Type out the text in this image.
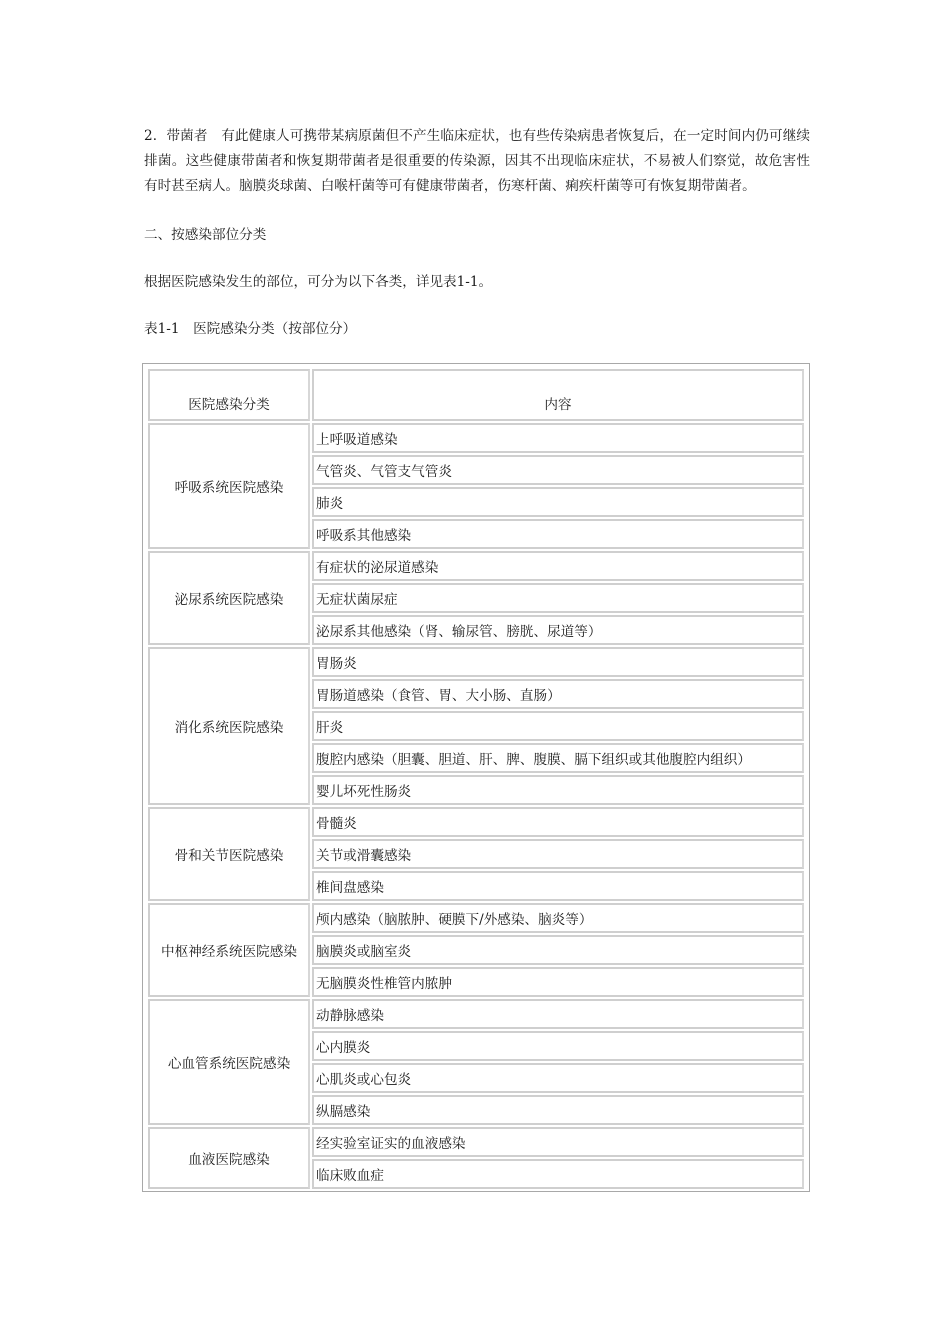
2．带菌者　有此健康人可携带某病原菌但不产生临床症状，也有些传染病患者恢复后，在一定时间内仍可继续排菌。这些健康带菌者和恢复期带菌者是很重要的传染源，因其不出现临床症状，不易被人们察觉，故危害性有时甚至病人。脑膜炎球菌、白喉杆菌等可有健康带菌者，伤寒杆菌、痢疾杆菌等可有恢复期带菌者。

二、按感染部位分类

根据医院感染发生的部位，可分为以下各类，详见表1-1。

表1-1　医院感染分类（按部位分）

医院感染分类	内容
呼吸系统医院感染	上呼吸道感染
	气管炎、气管支气管炎
	肺炎
	呼吸系其他感染
泌尿系统医院感染	有症状的泌尿道感染
	无症状菌尿症
	泌尿系其他感染（肾、输尿管、膀胱、尿道等）
消化系统医院感染	胃肠炎
	胃肠道感染（食管、胃、大小肠、直肠）
	肝炎
	腹腔内感染（胆囊、胆道、肝、脾、腹膜、膈下组织或其他腹腔内组织）
	婴儿坏死性肠炎
骨和关节医院感染	骨髓炎
	关节或滑囊感染
	椎间盘感染
中枢神经系统医院感染	颅内感染（脑脓肿、硬膜下/外感染、脑炎等）
	脑膜炎或脑室炎
	无脑膜炎性椎管内脓肿
心血管系统医院感染	动静脉感染
	心内膜炎
	心肌炎或心包炎
	纵膈感染
血液医院感染	经实验室证实的血液感染
	临床败血症
